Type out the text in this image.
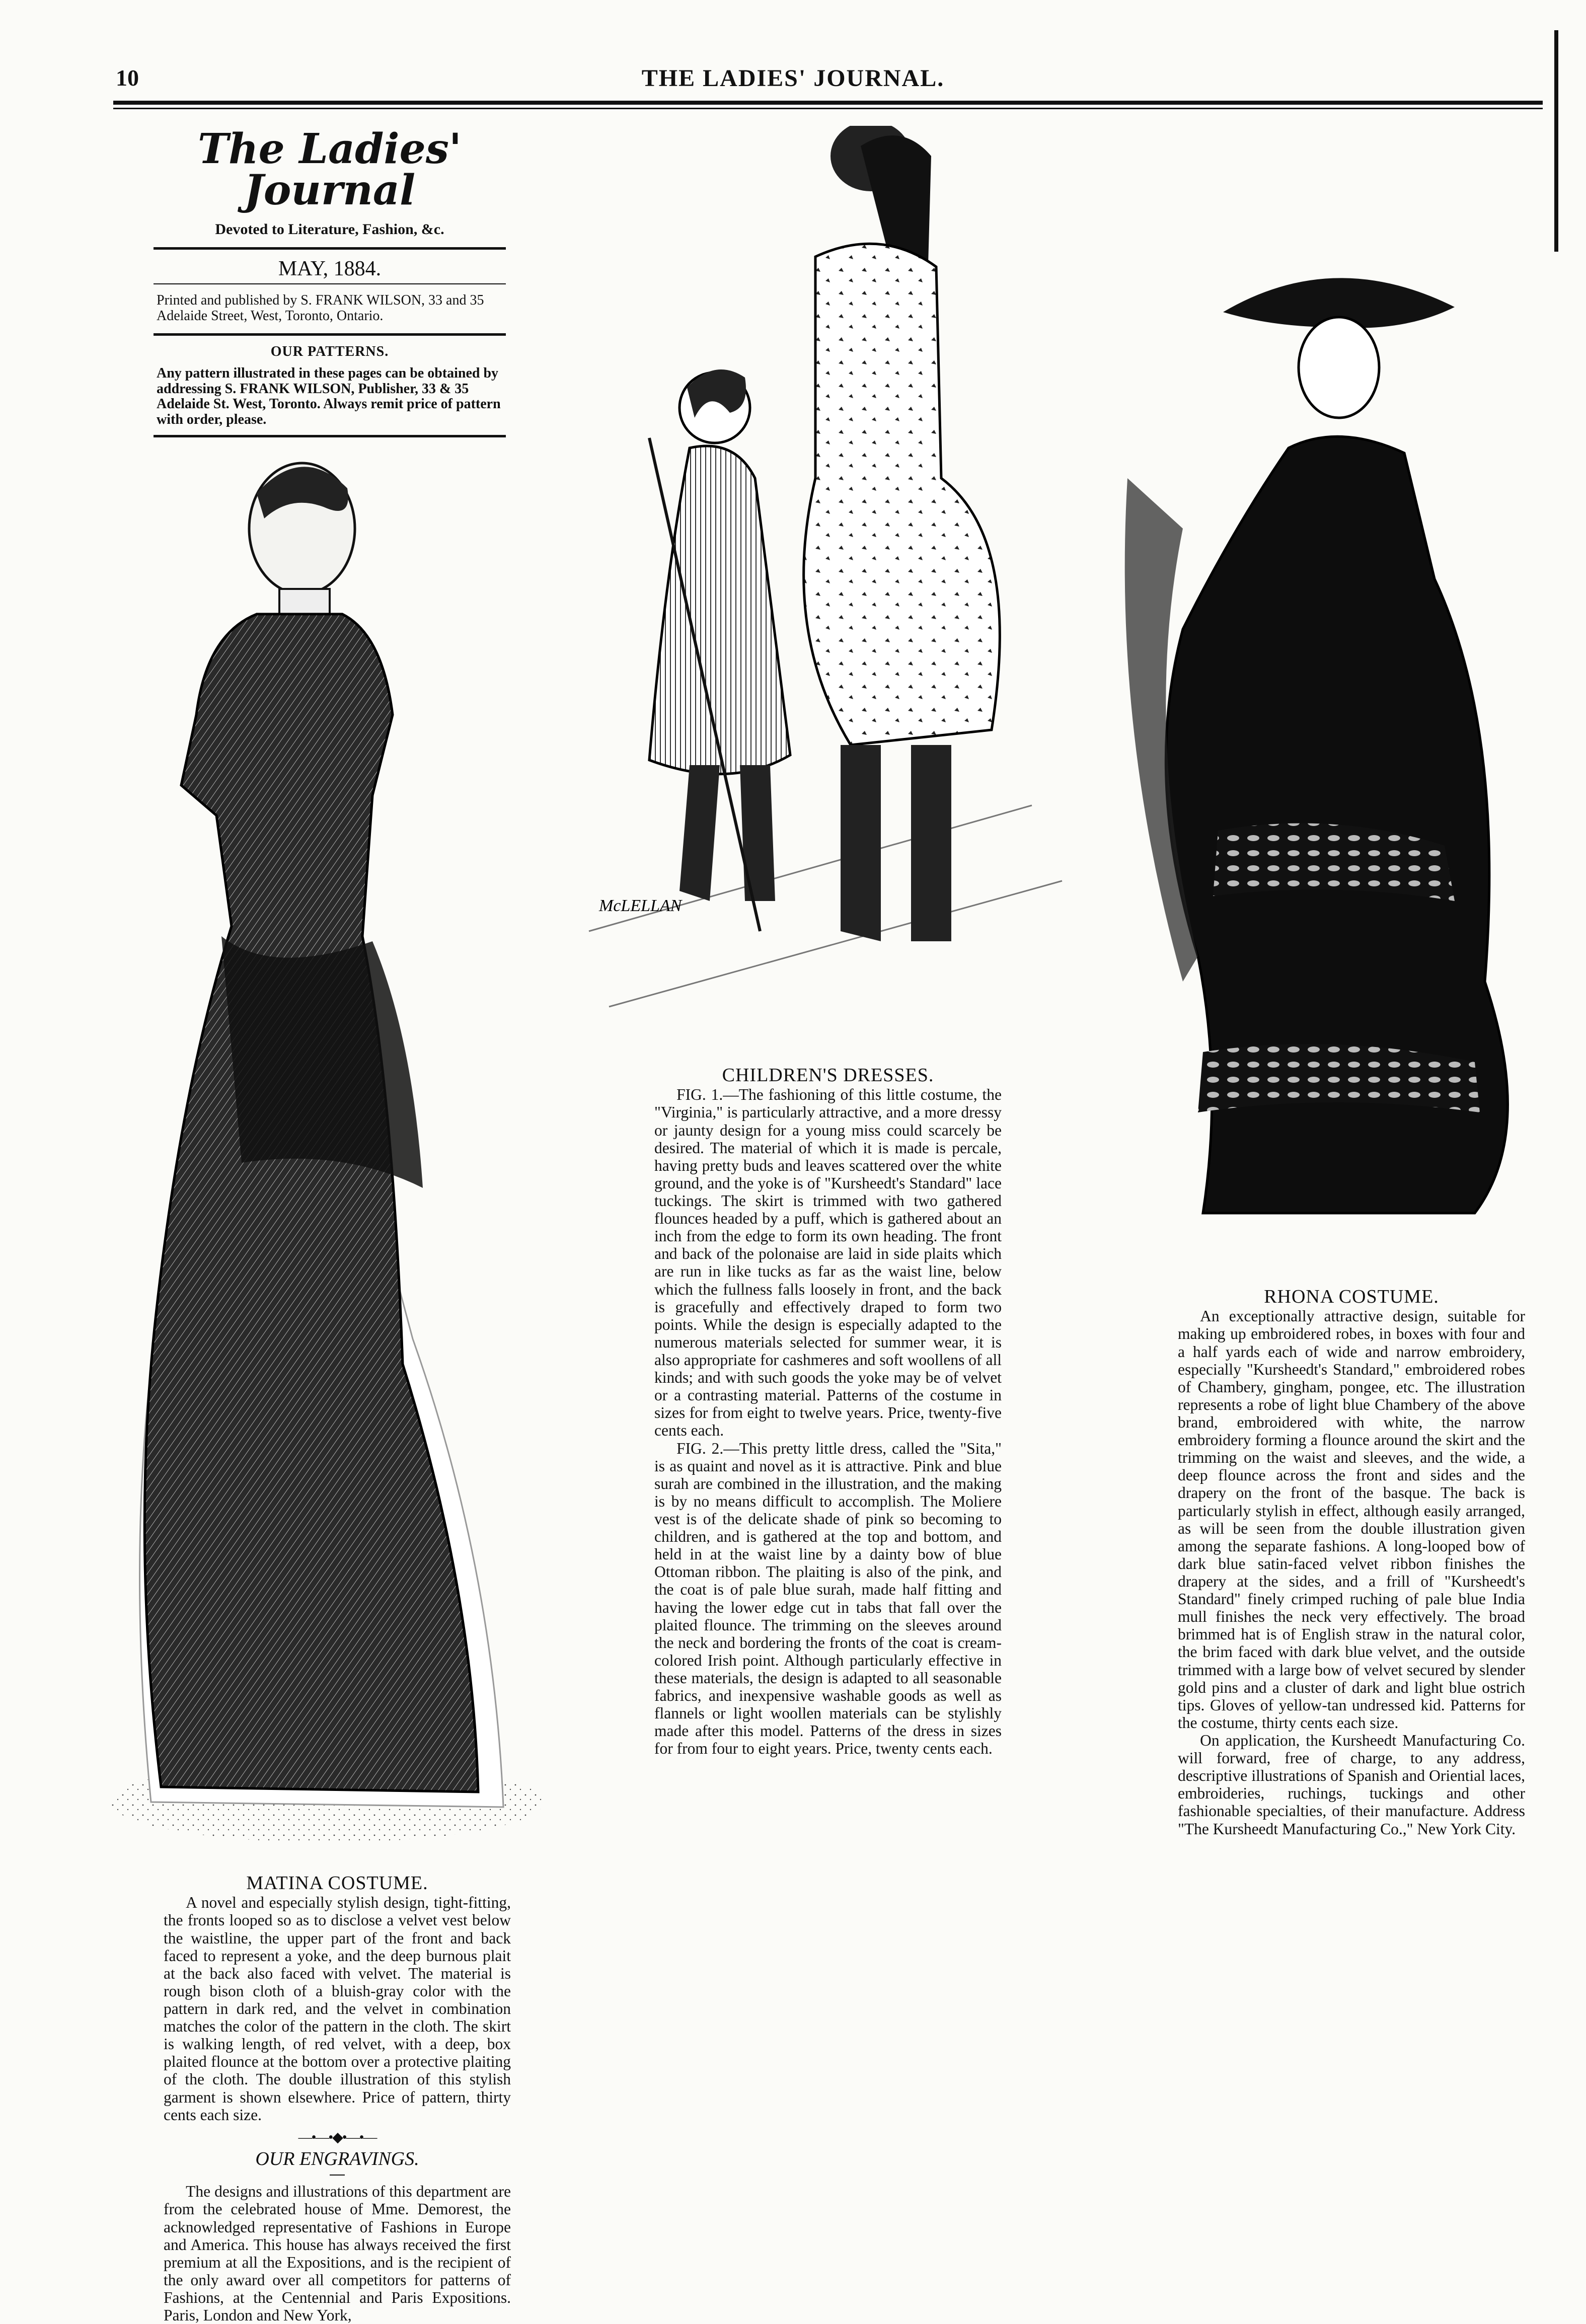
10	THE LADIES' JOURNAL.
The Ladies' Journal
Devoted to Literature, Fashion, &c.
MAY, 1884.
Printed and published by S. FRANK WILSON, 33 and 35 Adelaide Street, West, Toronto, Ontario.
OUR PATTERNS.
Any pattern illustrated in these pages can be obtained by addressing S. FRANK WILSON, Publisher, 33 & 35 Adelaide St. West, Toronto. Always remit price of pattern with order, please.
MATINA COSTUME.

A novel and especially stylish design, tight-fitting, the fronts looped so as to disclose a velvet vest below the waistline, the upper part of the front and back faced to represent a yoke, and the deep burnous plait at the back also faced with velvet. The material is rough bison cloth of a bluish-gray color with the pattern in dark red, and the velvet in combination matches the color of the pattern in the cloth. The skirt is walking length, of red velvet, with a deep, box plaited flounce at the bottom over a protective plaiting of the cloth. The double illustration of this stylish garment is shown elsewhere. Price of pattern, thirty cents each size.

—•—•◆•—•—
OUR ENGRAVINGS.

The designs and illustrations of this department are from the celebrated house of Mme. Demorest, the acknowledged representative of Fashions in Europe and America. This house has always received the first premium at all the Expositions, and is the recipient of the only award over all competitors for patterns of Fashions, at the Centennial and Paris Expositions. Paris, London and New York,

McLELLAN
CHILDREN'S DRESSES.

FIG. 1.—The fashioning of this little costume, the "Virginia," is particularly attractive, and a more dressy or jaunty design for a young miss could scarcely be desired. The material of which it is made is percale, having pretty buds and leaves scattered over the white ground, and the yoke is of "Kursheedt's Standard" lace tuckings. The skirt is trimmed with two gathered flounces headed by a puff, which is gathered about an inch from the edge to form its own heading. The front and back of the polonaise are laid in side plaits which are run in like tucks as far as the waist line, below which the fullness falls loosely in front, and the back is gracefully and effectively draped to form two points. While the design is especially adapted to the numerous materials selected for summer wear, it is also appropriate for cashmeres and soft woollens of all kinds; and with such goods the yoke may be of velvet or a contrasting material. Patterns of the costume in sizes for from eight to twelve years. Price, twenty-five cents each.

FIG. 2.—This pretty little dress, called the "Sita," is as quaint and novel as it is attractive. Pink and blue surah are combined in the illustration, and the making is by no means difficult to accomplish. The Moliere vest is of the delicate shade of pink so becoming to children, and is gathered at the top and bottom, and held in at the waist line by a dainty bow of blue Ottoman ribbon. The plaiting is also of the pink, and the coat is of pale blue surah, made half fitting and having the lower edge cut in tabs that fall over the plaited flounce. The trimming on the sleeves around the neck and bordering the fronts of the coat is cream-colored Irish point. Although particularly effective in these materials, the design is adapted to all seasonable fabrics, and inexpensive washable goods as well as flannels or light woollen materials can be stylishly made after this model. Patterns of the dress in sizes for from four to eight years. Price, twenty cents each.

RHONA COSTUME.

An exceptionally attractive design, suitable for making up embroidered robes, in boxes with four and a half yards each of wide and narrow embroidery, especially "Kursheedt's Standard," embroidered robes of Chambery, gingham, pongee, etc. The illustration represents a robe of light blue Chambery of the above brand, embroidered with white, the narrow embroidery forming a flounce around the skirt and the trimming on the waist and sleeves, and the wide, a deep flounce across the front and sides and the drapery on the front of the basque. The back is particularly stylish in effect, although easily arranged, as will be seen from the double illustration given among the separate fashions. A long-looped bow of dark blue satin-faced velvet ribbon finishes the drapery at the sides, and a frill of "Kursheedt's Standard" finely crimped ruching of pale blue India mull finishes the neck very effectively. The broad brimmed hat is of English straw in the natural color, the brim faced with dark blue velvet, and the outside trimmed with a large bow of velvet secured by slender gold pins and a cluster of dark and light blue ostrich tips. Gloves of yellow-tan undressed kid. Patterns for the costume, thirty cents each size.

On application, the Kursheedt Manufacturing Co. will forward, free of charge, to any address, descriptive illustrations of Spanish and Oriential laces, embroideries, ruchings, tuckings and other fashionable specialties, of their manufacture. Address "The Kursheedt Manufacturing Co.," New York City.
